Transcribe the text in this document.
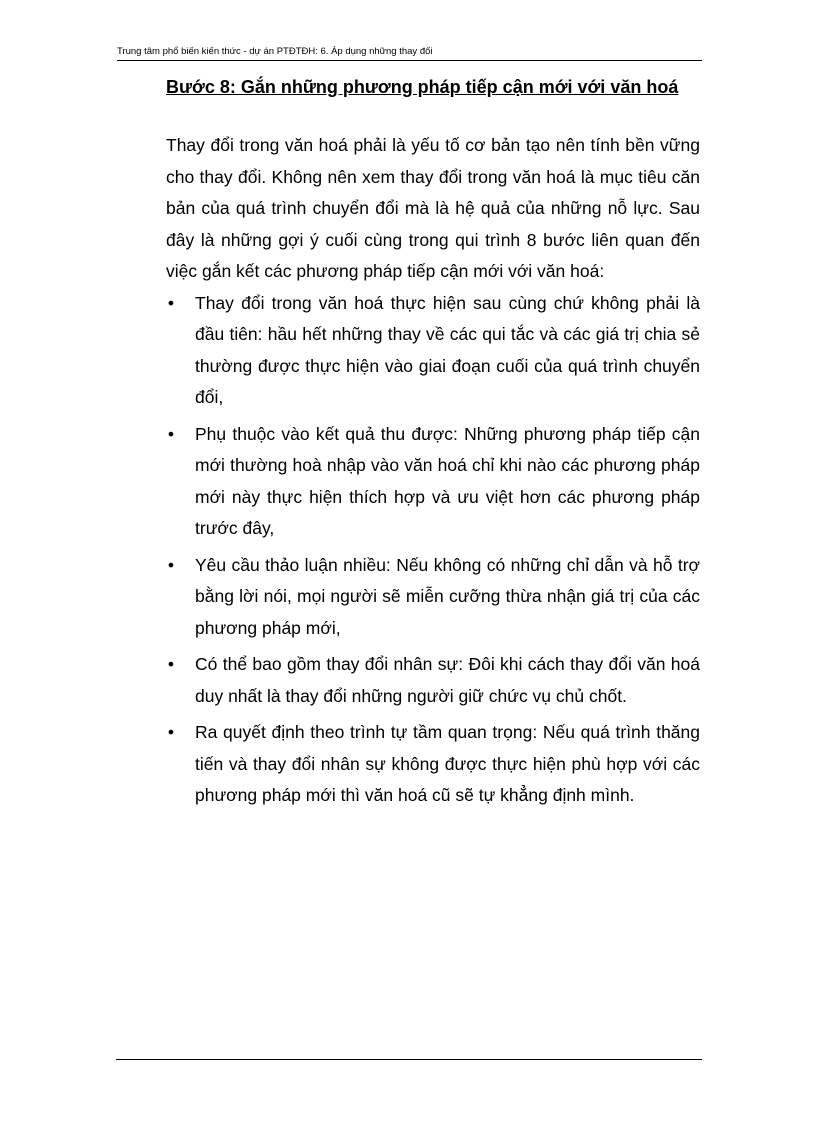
Trung tâm phổ biến kiến thức - dự án PTĐTĐH: 6. Áp dụng những thay đổi

Bước 8: Gắn những phương pháp tiếp cận mới với văn hoá

Thay đổi trong văn hoá phải là yếu tố cơ bản tạo nên tính bền vững cho thay đổi. Không nên xem thay đổi trong văn hoá là mục tiêu căn bản của quá trình chuyển đổi mà là hệ quả của những nỗ lực. Sau đây là những gợi ý cuối cùng trong qui trình 8 bước liên quan đến việc gắn kết các phương pháp tiếp cận mới với văn hoá:

• Thay đổi trong văn hoá thực hiện sau cùng chứ không phải là đầu tiên: hầu hết những thay về các qui tắc và các giá trị chia sẻ thường được thực hiện vào giai đoạn cuối của quá trình chuyển đổi,
• Phụ thuộc vào kết quả thu được: Những phương pháp tiếp cận mới thường hoà nhập vào văn hoá chỉ khi nào các phương pháp mới này thực hiện thích hợp và ưu việt hơn các phương pháp trước đây,
• Yêu cầu thảo luận nhiều: Nếu không có những chỉ dẫn và hỗ trợ bằng lời nói, mọi người sẽ miễn cưỡng thừa nhận giá trị của các phương pháp mới,
• Có thể bao gồm thay đổi nhân sự: Đôi khi cách thay đổi văn hoá duy nhất là thay đổi những người giữ chức vụ chủ chốt.
• Ra quyết định theo trình tự tầm quan trọng: Nếu quá trình thăng tiến và thay đổi nhân sự không được thực hiện phù hợp với các phương pháp mới thì văn hoá cũ sẽ tự khẳng định mình.
